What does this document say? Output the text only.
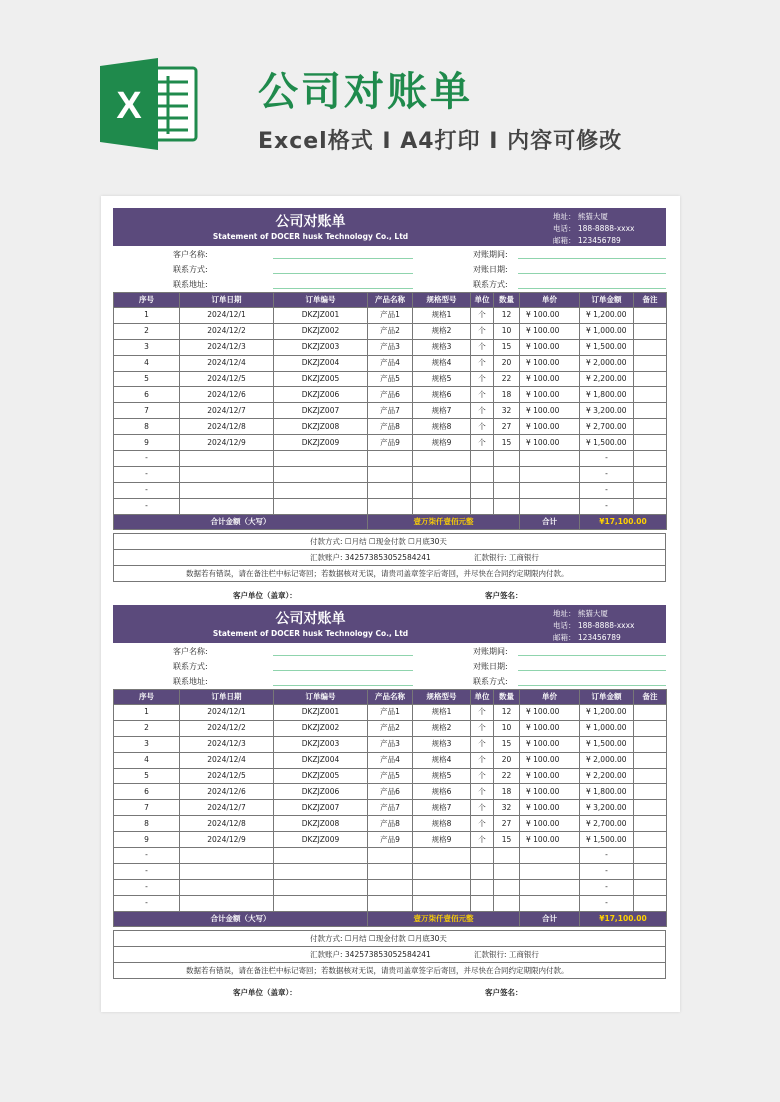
X	公司对账单
Excel格式 I A4打印 I 内容可修改
公司对账单
Statement of DOCER husk Technology Co., Ltd
地址： 熊猫大厦
电话： 188-8888-xxxx
邮箱： 123456789
客户名称:
联系方式:
联系地址:
对账期间:
对账日期:
联系方式:
序号	订单日期	订单编号	产品名称	规格型号	单位	数量	单价	订单金额	备注
1	2024/12/1	DKZJZ001	产品1	规格1	个	12	¥ 100.00	¥ 1,200.00	
2	2024/12/2	DKZJZ002	产品2	规格2	个	10	¥ 100.00	¥ 1,000.00	
3	2024/12/3	DKZJZ003	产品3	规格3	个	15	¥ 100.00	¥ 1,500.00	
4	2024/12/4	DKZJZ004	产品4	规格4	个	20	¥ 100.00	¥ 2,000.00	
5	2024/12/5	DKZJZ005	产品5	规格5	个	22	¥ 100.00	¥ 2,200.00	
6	2024/12/6	DKZJZ006	产品6	规格6	个	18	¥ 100.00	¥ 1,800.00	
7	2024/12/7	DKZJZ007	产品7	规格7	个	32	¥ 100.00	¥ 3,200.00	
8	2024/12/8	DKZJZ008	产品8	规格8	个	27	¥ 100.00	¥ 2,700.00	
9	2024/12/9	DKZJZ009	产品9	规格9	个	15	¥ 100.00	¥ 1,500.00	
-								-	
-								-	
-								-	
-								-	
合计金额（大写）			壹万柒仟壹佰元整				合计	¥17,100.00	
付款方式: ☐月结 ☐现金付款 ☐月底30天
汇款账户: 342573853052584241	汇款银行: 工商银行
数据若有错误，请在备注栏中标记寄回；若数据核对无误，请贵司盖章签字后寄回，并尽快在合同约定期限内付款。
客户单位（盖章）：	客户签名：
公司对账单
Statement of DOCER husk Technology Co., Ltd
地址： 熊猫大厦
电话： 188-8888-xxxx
邮箱： 123456789
客户名称:
联系方式:
联系地址:
对账期间:
对账日期:
联系方式:
序号	订单日期	订单编号	产品名称	规格型号	单位	数量	单价	订单金额	备注
1	2024/12/1	DKZJZ001	产品1	规格1	个	12	¥ 100.00	¥ 1,200.00	
2	2024/12/2	DKZJZ002	产品2	规格2	个	10	¥ 100.00	¥ 1,000.00	
3	2024/12/3	DKZJZ003	产品3	规格3	个	15	¥ 100.00	¥ 1,500.00	
4	2024/12/4	DKZJZ004	产品4	规格4	个	20	¥ 100.00	¥ 2,000.00	
5	2024/12/5	DKZJZ005	产品5	规格5	个	22	¥ 100.00	¥ 2,200.00	
6	2024/12/6	DKZJZ006	产品6	规格6	个	18	¥ 100.00	¥ 1,800.00	
7	2024/12/7	DKZJZ007	产品7	规格7	个	32	¥ 100.00	¥ 3,200.00	
8	2024/12/8	DKZJZ008	产品8	规格8	个	27	¥ 100.00	¥ 2,700.00	
9	2024/12/9	DKZJZ009	产品9	规格9	个	15	¥ 100.00	¥ 1,500.00	
-								-	
-								-	
-								-	
-								-	
合计金额（大写）			壹万柒仟壹佰元整				合计	¥17,100.00	
付款方式: ☐月结 ☐现金付款 ☐月底30天
汇款账户: 342573853052584241	汇款银行: 工商银行
数据若有错误，请在备注栏中标记寄回；若数据核对无误，请贵司盖章签字后寄回，并尽快在合同约定期限内付款。
客户单位（盖章）：	客户签名：
